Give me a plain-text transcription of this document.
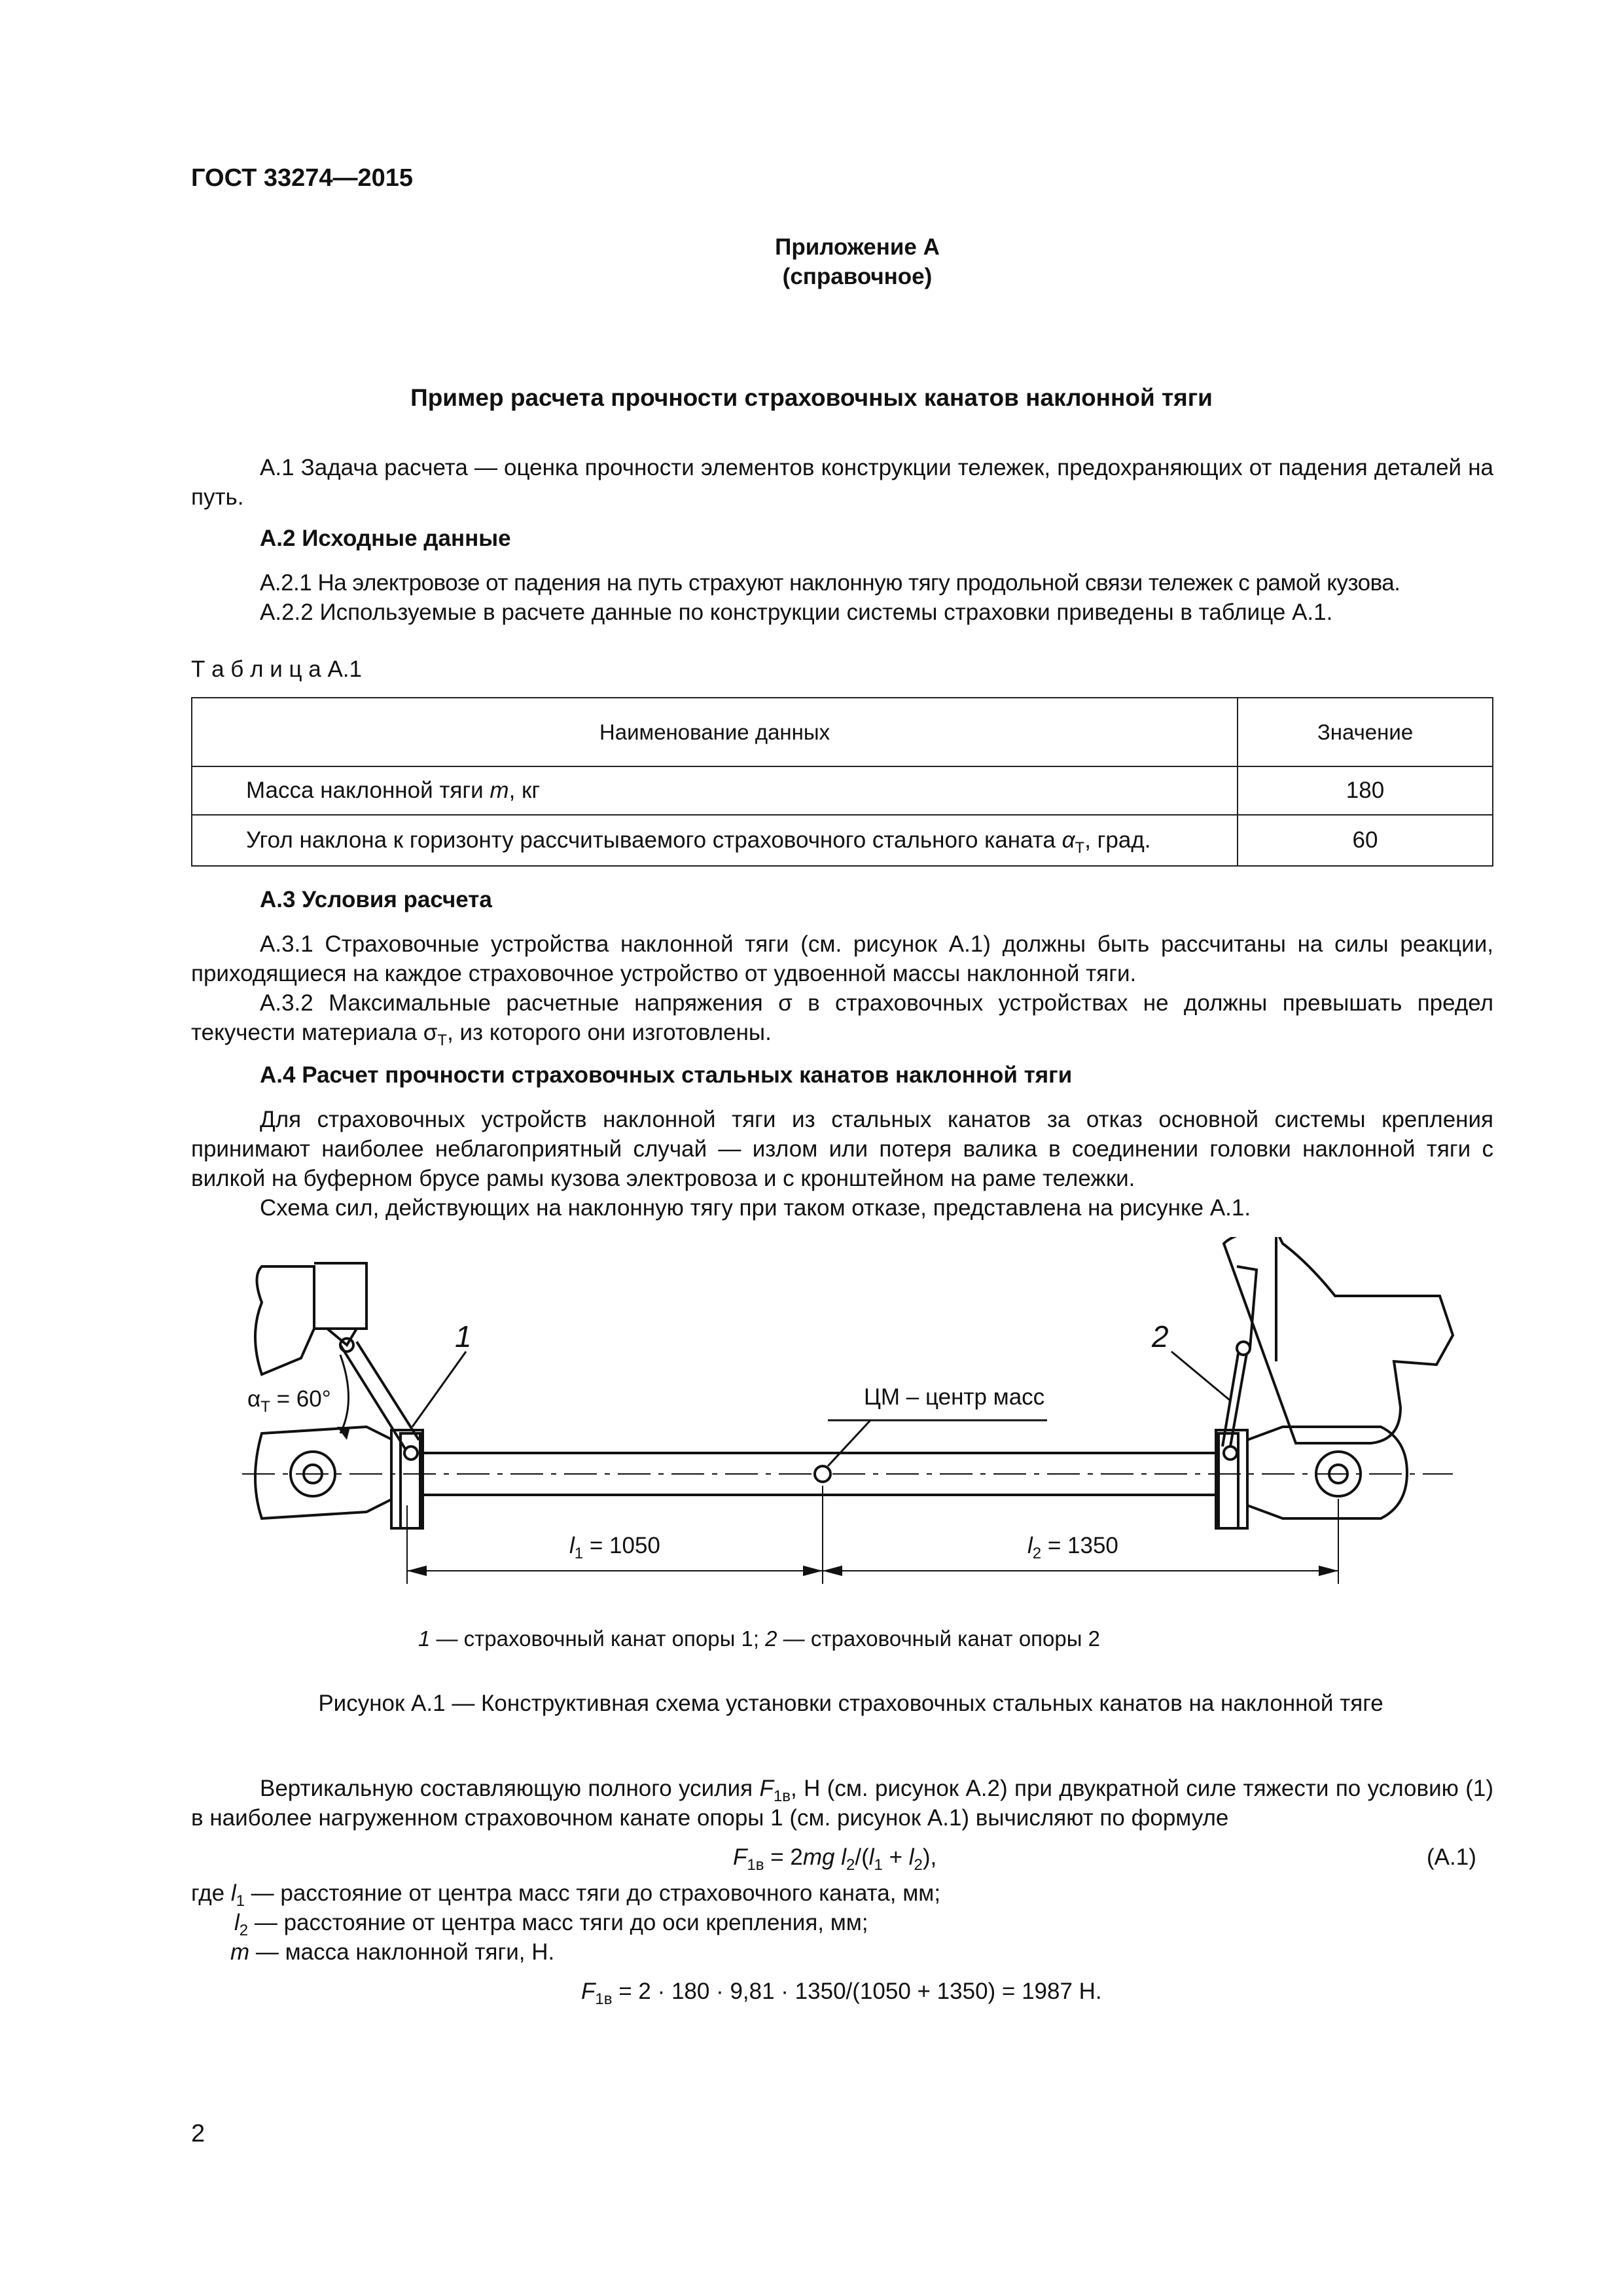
ГОСТ 33274—2015
Приложение А
(справочное)
Пример расчета прочности страховочных канатов наклонной тяги
А.1 Задача расчета — оценка прочности элементов конструкции тележек, предохраняющих от падения деталей на путь.
А.2 Исходные данные
А.2.1 На электровозе от падения на путь страхуют наклонную тягу продольной связи тележек с рамой кузова.
А.2.2 Используемые в расчете данные по конструкции системы страховки приведены в таблице А.1.
Т а б л и ц а А.1
Наименование данных	Значение
Масса наклонной тяги m, кг	180
Угол наклона к горизонту рассчитываемого страховочного стального каната $\alpha_Т$, град.	60
А.3 Условия расчета
А.3.1 Страховочные устройства наклонной тяги (см. рисунок А.1) должны быть рассчитаны на силы реакции, приходящиеся на каждое страховочное устройство от удвоенной массы наклонной тяги.
А.3.2 Максимальные расчетные напряжения σ в страховочных устройствах не должны превышать предел текучести материала $\sigma_Т$, из которого они изготовлены.
А.4 Расчет прочности страховочных стальных канатов наклонной тяги
Для страховочных устройств наклонной тяги из стальных канатов за отказ основной системы крепления принимают наиболее неблагоприятный случай — излом или потеря валика в соединении головки наклонной тяги с вилкой на буферном брусе рамы кузова электровоза и с кронштейном на раме тележки.
Схема сил, действующих на наклонную тягу при таком отказе, представлена на рисунке А.1.
1	2
$\alpha_Т = 60^\circ$	ЦМ – центр масс
$l_1 = 1050$	$l_2 = 1350$
1 — страховочный канат опоры 1; 2 — страховочный канат опоры 2
Рисунок А.1 — Конструктивная схема установки страховочных стальных канатов на наклонной тяге
Вертикальную составляющую полного усилия $F_{1в}$, Н (см. рисунок А.2) при двукратной силе тяжести по условию (1) в наиболее нагруженном страховочном канате опоры 1 (см. рисунок А.1) вычисляют по формуле
$F_{1в} = 2mg$ $l_2/(l_1 + l_2)$,	(А.1)
где $l_1$ — расстояние от центра масс тяги до страховочного каната, мм;
$l_2$ — расстояние от центра масс тяги до оси крепления, мм;
m — масса наклонной тяги, Н.
$F_{1в} = 2 \cdot 180 \cdot 9,81 \cdot 1350/(1050 + 1350) = 1987$ Н.
2
